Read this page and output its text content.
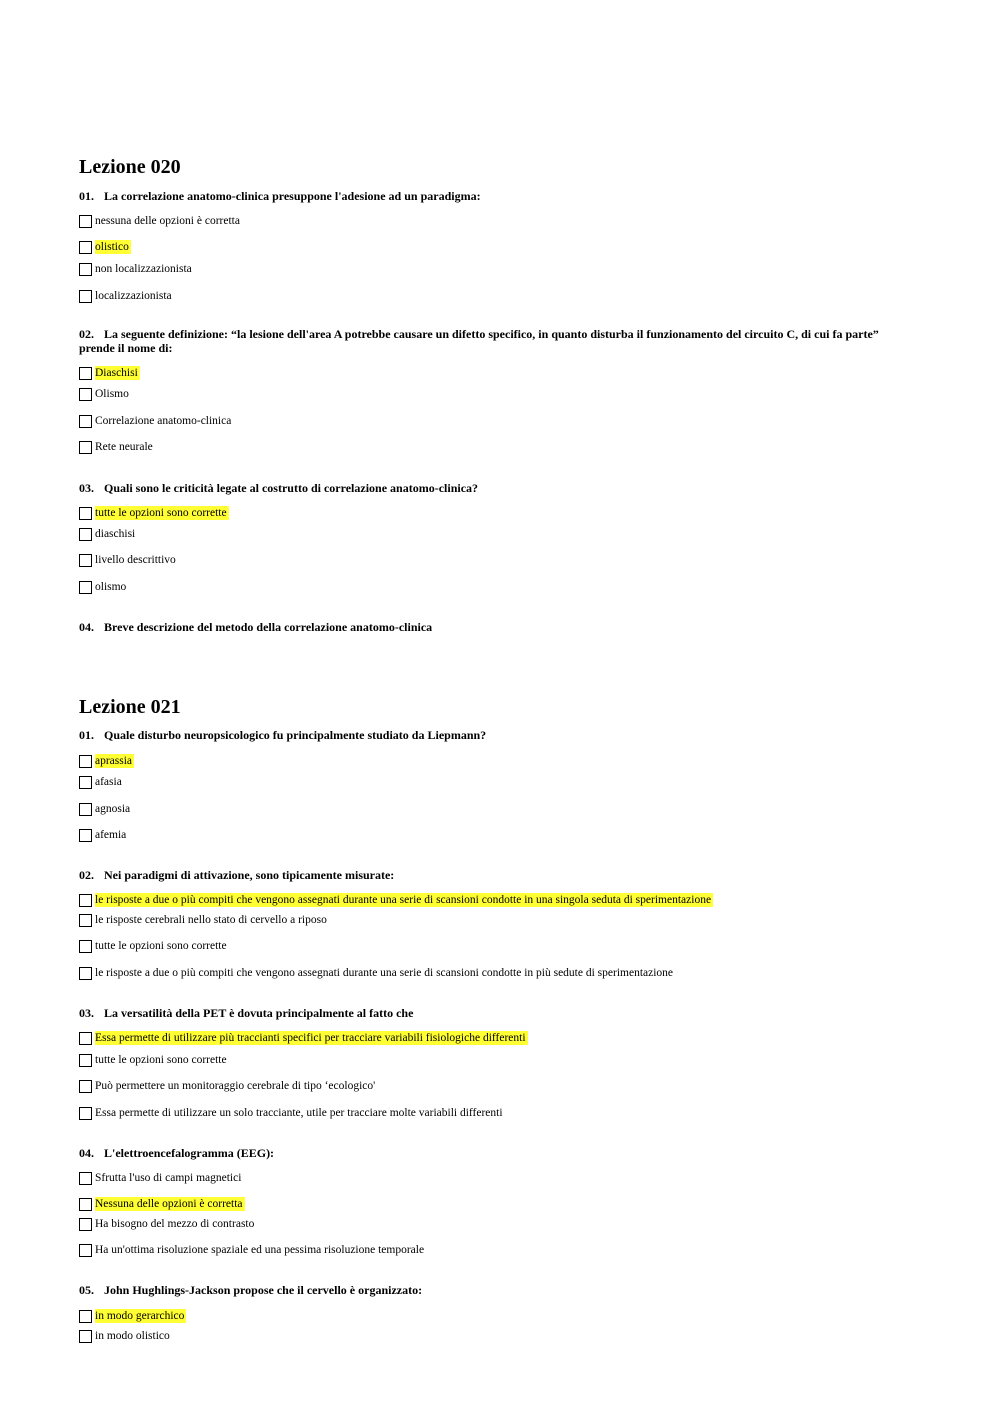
Lezione 020
01. La correlazione anatomo-clinica presuppone l'adesione ad un paradigma:
nessuna delle opzioni è corretta
olistico
non localizzazionista
localizzazionista
02. La seguente definizione: “la lesione dell'area A potrebbe causare un difetto specifico, in quanto disturba il funzionamento del circuito C, di cui fa parte” prende il nome di:
Diaschisi
Olismo
Correlazione anatomo-clinica
Rete neurale
03. Quali sono le criticità legate al costrutto di correlazione anatomo-clinica?
tutte le opzioni sono corrette
diaschisi
livello descrittivo
olismo
04. Breve descrizione del metodo della correlazione anatomo-clinica
Lezione 021
01. Quale disturbo neuropsicologico fu principalmente studiato da Liepmann?
aprassia
afasia
agnosia
afemia
02. Nei paradigmi di attivazione, sono tipicamente misurate:
le risposte a due o più compiti che vengono assegnati durante una serie di scansioni condotte in una singola seduta di sperimentazione
le risposte cerebrali nello stato di cervello a riposo
tutte le opzioni sono corrette
le risposte a due o più compiti che vengono assegnati durante una serie di scansioni condotte in più sedute di sperimentazione
03. La versatilità della PET è dovuta principalmente al fatto che
Essa permette di utilizzare più traccianti specifici per tracciare variabili fisiologiche differenti
tutte le opzioni sono corrette
Può permettere un monitoraggio cerebrale di tipo ‘ecologico'
Essa permette di utilizzare un solo tracciante, utile per tracciare molte variabili differenti
04. L'elettroencefalogramma (EEG):
Sfrutta l'uso di campi magnetici
Nessuna delle opzioni è corretta
Ha bisogno del mezzo di contrasto
Ha un'ottima risoluzione spaziale ed una pessima risoluzione temporale
05. John Hughlings-Jackson propose che il cervello è organizzato:
in modo gerarchico
in modo olistico
